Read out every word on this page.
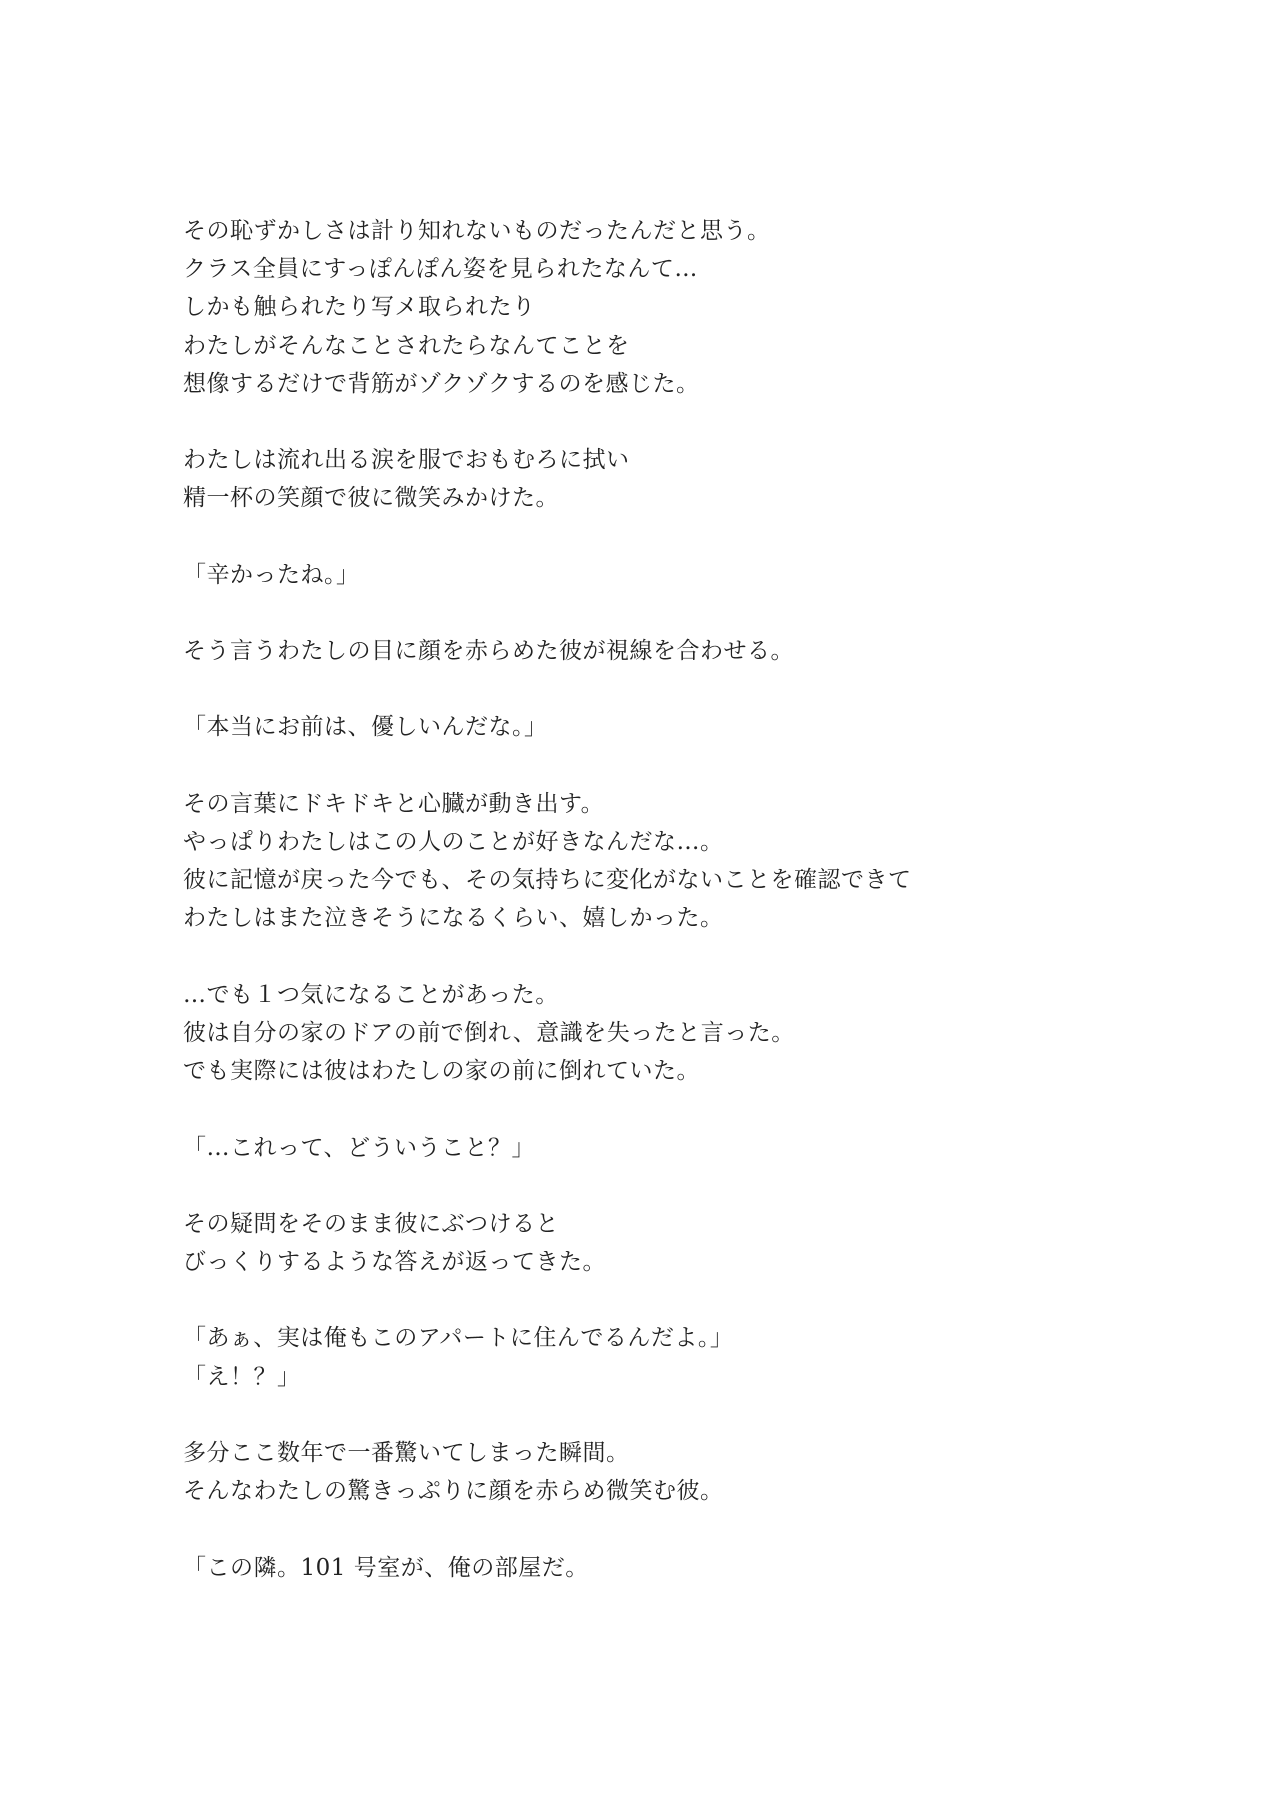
その恥ずかしさは計り知れないものだったんだと思う。
クラス全員にすっぽんぽん姿を見られたなんて…
しかも触られたり写メ取られたり
わたしがそんなことされたらなんてことを
想像するだけで背筋がゾクゾクするのを感じた。

わたしは流れ出る涙を服でおもむろに拭い
精一杯の笑顔で彼に微笑みかけた。

「辛かったね。」

そう言うわたしの目に顔を赤らめた彼が視線を合わせる。

「本当にお前は、優しいんだな。」

その言葉にドキドキと心臓が動き出す。
やっぱりわたしはこの人のことが好きなんだな…。
彼に記憶が戻った今でも、その気持ちに変化がないことを確認できて
わたしはまた泣きそうになるくらい、嬉しかった。

…でも１つ気になることがあった。
彼は自分の家のドアの前で倒れ、意識を失ったと言った。
でも実際には彼はわたしの家の前に倒れていた。

「…これって、どういうこと？」

その疑問をそのまま彼にぶつけると
びっくりするような答えが返ってきた。

「あぁ、実は俺もこのアパートに住んでるんだよ。」
「え！？」

多分ここ数年で一番驚いてしまった瞬間。
そんなわたしの驚きっぷりに顔を赤らめ微笑む彼。

「この隣。101 号室が、俺の部屋だ。
